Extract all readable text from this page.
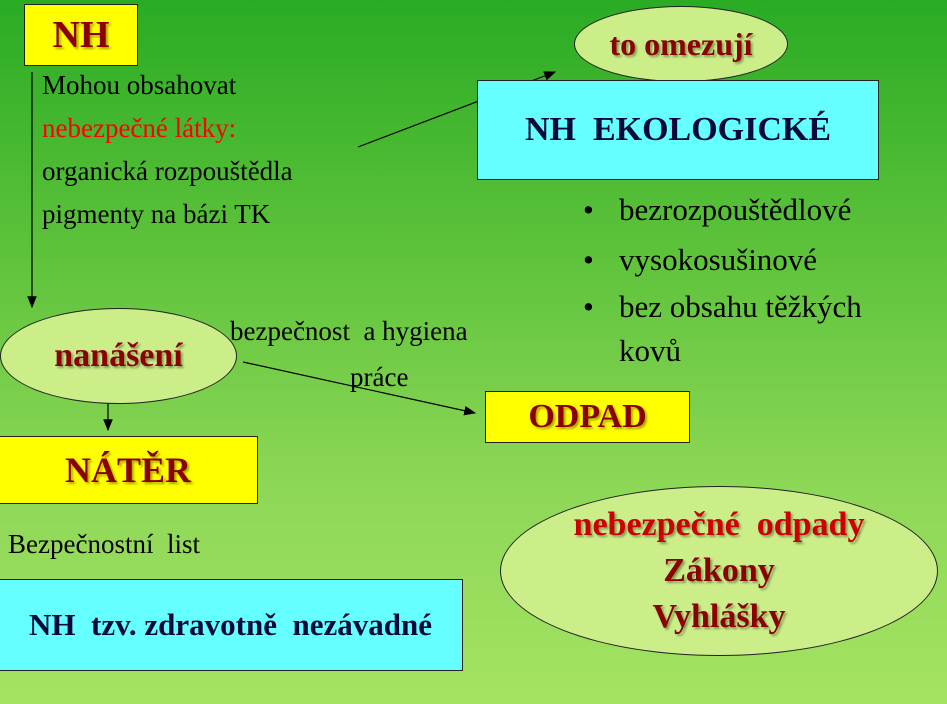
NH
Mohou obsahovat
nebezpečné látky:
organická rozpouštědla
pigmenty na bázi TK
to omezují
NH  EKOLOGICKÉ
• bezrozpouštědlové
• vysokosušinové
• bez obsahu těžkých kovů
nanášení
bezpečnost  a hygiena
práce
ODPAD
NÁTĚR
Bezpečnostní  list
NH  tzv. zdravotně  nezávadné
nebezpečné  odpady
Zákony
Vyhlášky
